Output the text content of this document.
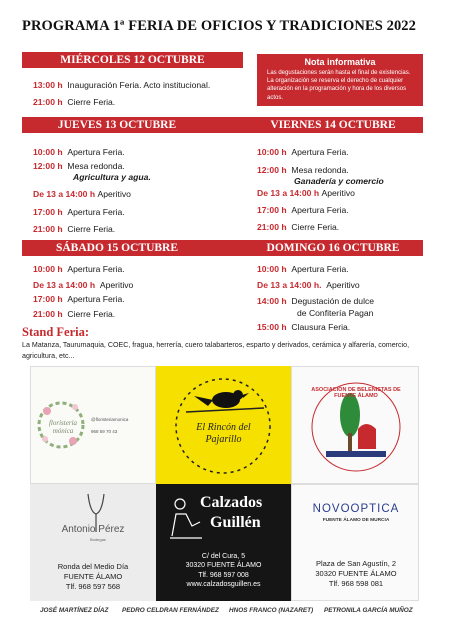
PROGRAMA 1ª FERIA DE OFICIOS Y TRADICIONES 2022
MIÉRCOLES 12 OCTUBRE
13:00 h Inauguración Feria. Acto institucional.
21:00 h Cierre Feria.
Nota informativa

Las degustaciones serán hasta el final de existencias. La organización se reserva el derecho de cualquier alteración en la programación y hora de los diversos actos.

JUEVES 13 OCTUBRE	VIERNES 14 OCTUBRE
10:00 h Apertura Feria.
12:00 h Mesa redonda.
Agricultura y agua.
De 13 a 14:00 h Aperitivo
17:00 h Apertura Feria.
21:00 h Cierre Feria.
10:00 h Apertura Feria.
12:00 h Mesa redonda.
Ganadería y comercio
De 13 a 14:00 h Aperitivo
17:00 h Apertura Feria.
21:00 h Cierre Feria.
SÁBADO 15 OCTUBRE	DOMINGO 16 OCTUBRE
10:00 h Apertura Feria.
De 13 a 14:00 h Aperitivo
17:00 h Apertura Feria.
21:00 h Cierre Feria.
10:00 h Apertura Feria.
De 13 a 14:00 h. Aperitivo
14:00 h Degustación de dulce
de Confitería Pagan
15:00 h Clausura Feria.
Stand Feria:
La Matanza, Taurumaquia, COEC, fragua, herrería, cuero talabarteros, esparto y derivados, cerámica y alfarería, comercio, agricultura, etc...
floristería mónica
@floristeriamonica
968 59 70 43	El Rincón del Pajarillo
ASOCIACIÓN DE BELENISTAS DE FUENTE ÁLAMO
Antonio Pérez
Bodegas
Ronda del Medio Día
FUENTE ÁLAMO
Tlf. 968 597 568
Calzados
Guillén
C/ del Cura, 5
30320 FUENTE ÁLAMO
Tlf. 968 597 008
www.calzadosguillen.es
NOVOOPTICA
FUENTE ÁLAMO DE MURCIA
Plaza de San Agustín, 2
30320 FUENTE ÁLAMO
Tlf. 968 598 081
JOSÉ MARTÍNEZ DÍAZ PEDRO CELDRAN FERNÁNDEZ HNOS FRANCO (NAZARET) PETRONILA GARCÍA MUÑOZ
